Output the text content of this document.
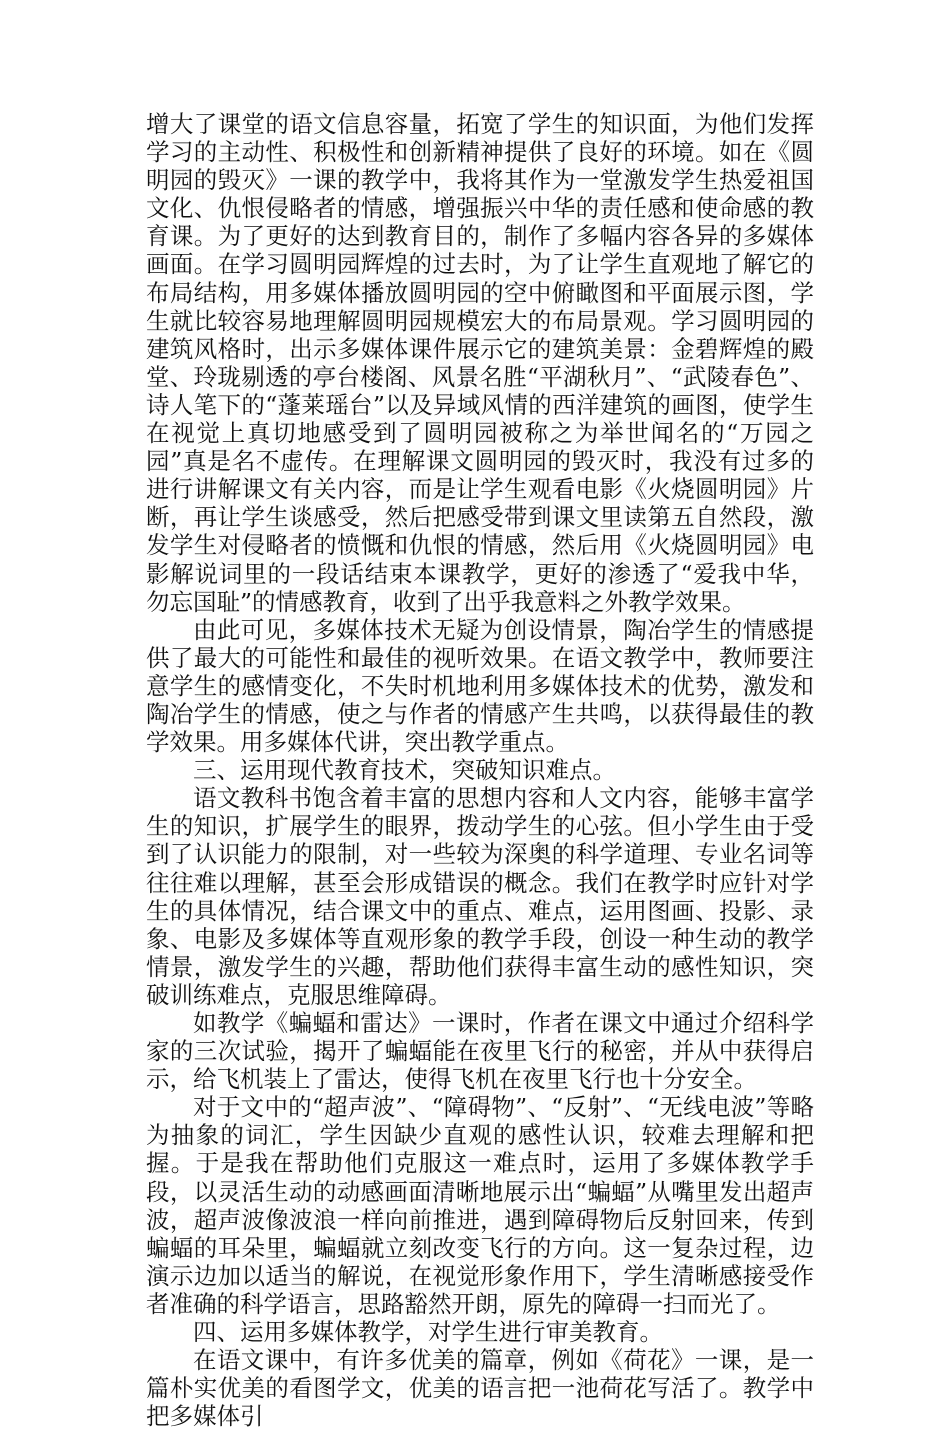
增大了课堂的语文信息容量，拓宽了学生的知识面，为他们发挥学习的主动性、积极性和创新精神提供了良好的环境。如在《圆明园的毁灭》一课的教学中，我将其作为一堂激发学生热爱祖国文化、仇恨侵略者的情感，增强振兴中华的责任感和使命感的教育课。为了更好的达到教育目的，制作了多幅内容各异的多媒体画面。在学习圆明园辉煌的过去时，为了让学生直观地了解它的布局结构，用多媒体播放圆明园的空中俯瞰图和平面展示图，学生就比较容易地理解圆明园规模宏大的布局景观。学习圆明园的建筑风格时，出示多媒体课件展示它的建筑美景：金碧辉煌的殿堂、玲珑剔透的亭台楼阁、风景名胜“平湖秋月”、“武陵春色”、诗人笔下的“蓬莱瑶台”以及异域风情的西洋建筑的画图，使学生在视觉上真切地感受到了圆明园被称之为举世闻名的“万园之园”真是名不虚传。在理解课文圆明园的毁灭时，我没有过多的进行讲解课文有关内容，而是让学生观看电影《火烧圆明园》片断，再让学生谈感受，然后把感受带到课文里读第五自然段，激发学生对侵略者的愤慨和仇恨的情感，然后用《火烧圆明园》电影解说词里的一段话结束本课教学，更好的渗透了“爱我中华，勿忘国耻”的情感教育，收到了出乎我意料之外教学效果。

由此可见，多媒体技术无疑为创设情景，陶冶学生的情感提供了最大的可能性和最佳的视听效果。在语文教学中，教师要注意学生的感情变化，不失时机地利用多媒体技术的优势，激发和陶冶学生的情感，使之与作者的情感产生共鸣，以获得最佳的教学效果。用多媒体代讲，突出教学重点。

三、运用现代教育技术，突破知识难点。

语文教科书饱含着丰富的思想内容和人文内容，能够丰富学生的知识，扩展学生的眼界，拨动学生的心弦。但小学生由于受到了认识能力的限制，对一些较为深奥的科学道理、专业名词等往往难以理解，甚至会形成错误的概念。我们在教学时应针对学生的具体情况，结合课文中的重点、难点，运用图画、投影、录象、电影及多媒体等直观形象的教学手段，创设一种生动的教学情景，激发学生的兴趣，帮助他们获得丰富生动的感性知识，突破训练难点，克服思维障碍。

如教学《蝙蝠和雷达》一课时，作者在课文中通过介绍科学家的三次试验，揭开了蝙蝠能在夜里飞行的秘密，并从中获得启示，给飞机装上了雷达，使得飞机在夜里飞行也十分安全。

对于文中的“超声波”、“障碍物”、“反射”、“无线电波”等略为抽象的词汇，学生因缺少直观的感性认识，较难去理解和把握。于是我在帮助他们克服这一难点时，运用了多媒体教学手段，以灵活生动的动感画面清晰地展示出“蝙蝠”从嘴里发出超声波，超声波像波浪一样向前推进，遇到障碍物后反射回来，传到蝙蝠的耳朵里，蝙蝠就立刻改变飞行的方向。这一复杂过程，边演示边加以适当的解说，在视觉形象作用下，学生清晰感接受作者准确的科学语言，思路豁然开朗，原先的障碍一扫而光了。

四、运用多媒体教学，对学生进行审美教育。

在语文课中，有许多优美的篇章，例如《荷花》一课，是一篇朴实优美的看图学文，优美的语言把一池荷花写活了。教学中把多媒体引
